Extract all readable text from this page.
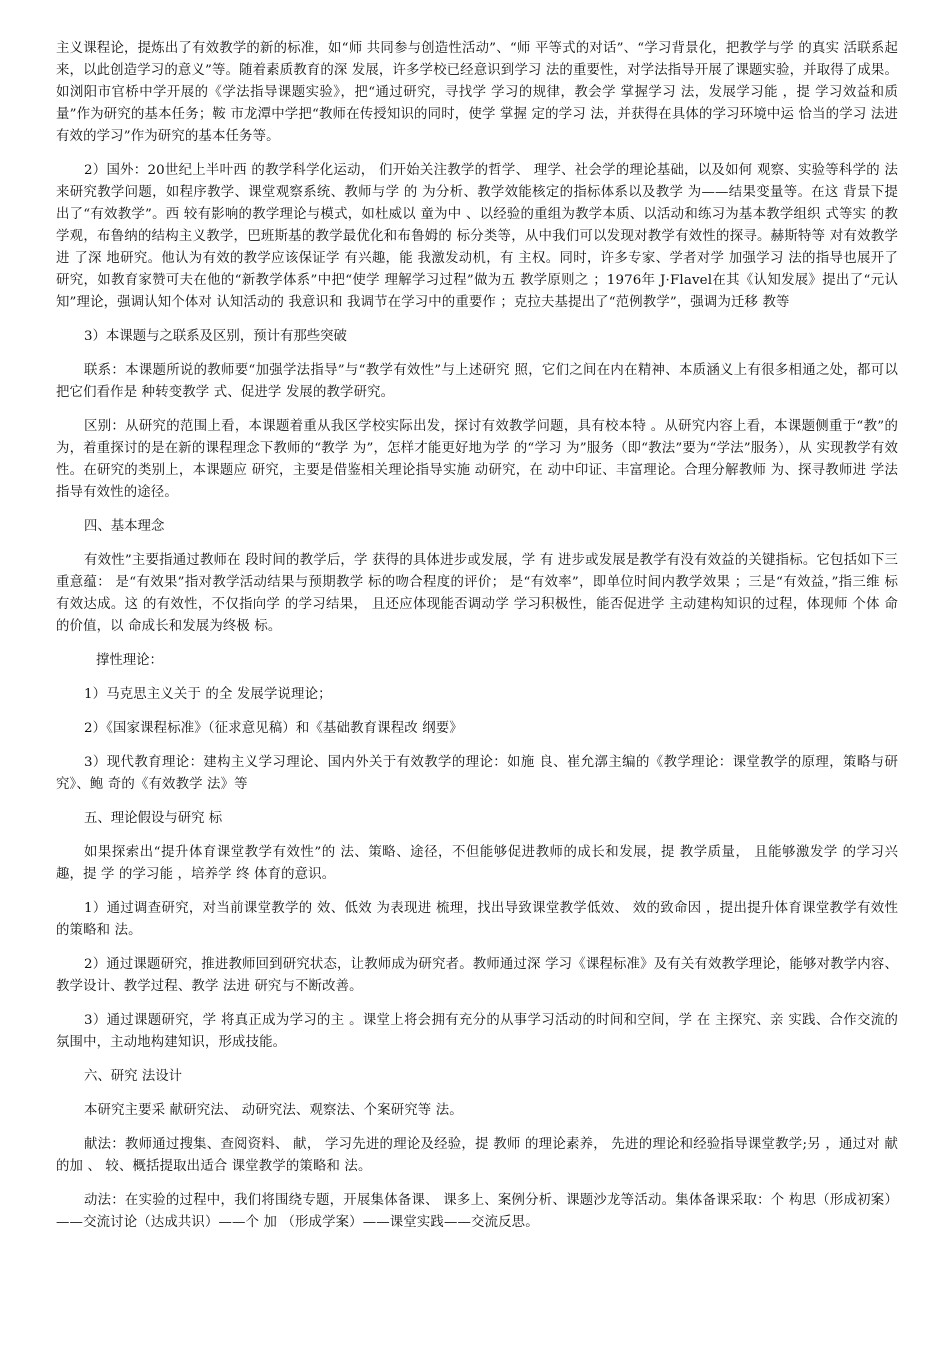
主义课程论，提炼出了有效教学的新的标准，如“师 共同参与创造性活动”、“师 平等式的对话”、“学习背景化，把教学与学 的真实 活联系起来，以此创造学习的意义”等。随着素质教育的深 发展，许多学校已经意识到学习 法的重要性，对学法指导开展了课题实验，并取得了成果。如浏阳市官桥中学开展的《学法指导课题实验》，把“通过研究，寻找学 学习的规律，教会学 掌握学习 法，发展学习能 ，提 学习效益和质量”作为研究的基本任务；鞍 市龙潭中学把“教师在传授知识的同时，使学 掌握 定的学习 法，并获得在具体的学习环境中运 恰当的学习 法进 有效的学习”作为研究的基本任务等。

2）国外：20世纪上半叶西 的教学科学化运动， 们开始关注教学的哲学、 理学、社会学的理论基础，以及如何 观察、实验等科学的 法来研究教学问题，如程序教学、课堂观察系统、教师与学 的 为分析、教学效能核定的指标体系以及教学 为——结果变量等。在这 背景下提出了“有效教学”。西 较有影响的教学理论与模式，如杜威以 童为中 、以经验的重组为教学本质、以活动和练习为基本教学组织 式等实 的教学观，布鲁纳的结构主义教学，巴班斯基的教学最优化和布鲁姆的 标分类等，从中我们可以发现对教学有效性的探寻。赫斯特等 对有效教学 进 了深 地研究。他认为有效的教学应该保证学 有兴趣，能 我激发动机，有 主权。同时，许多专家、学者对学 加强学习 法的指导也展开了研究，如教育家赞可夫在他的“新教学体系”中把“使学 理解学习过程”做为五 教学原则之 ；1976年 J·Flavel在其《认知发展》提出了“元认知”理论，强调认知个体对 认知活动的 我意识和 我调节在学习中的重要作 ；克拉夫基提出了“范例教学”，强调为迁移 教等

3）本课题与之联系及区别，预计有那些突破

联系：本课题所说的教师要“加强学法指导”与“教学有效性”与上述研究 照，它们之间在内在精神、本质涵义上有很多相通之处，都可以把它们看作是 种转变教学 式、促进学 发展的教学研究。

区别：从研究的范围上看，本课题着重从我区学校实际出发，探讨有效教学问题，具有校本特 。从研究内容上看，本课题侧重于“教”的 为，着重探讨的是在新的课程理念下教师的“教学 为”，怎样才能更好地为学 的“学习 为”服务（即“教法”要为“学法”服务），从 实现教学有效性。在研究的类别上，本课题应 研究，主要是借鉴相关理论指导实施 动研究，在 动中印证、丰富理论。合理分解教师 为、探寻教师进 学法指导有效性的途径。

四、基本理念

有效性”主要指通过教师在 段时间的教学后，学 获得的具体进步或发展，学 有 进步或发展是教学有没有效益的关键指标。它包括如下三重意蕴： 是“有效果”指对教学活动结果与预期教学 标的吻合程度的评价； 是“有效率”，即单位时间内教学效果 ；三是“有效益，”指三维 标有效达成。这 的有效性，不仅指向学 的学习结果， 且还应体现能否调动学 学习积极性，能否促进学 主动建构知识的过程，体现师 个体 命的价值，以 命成长和发展为终极 标。

撑性理论：

1）马克思主义关于 的全 发展学说理论；

2）《国家课程标准》（征求意见稿）和《基础教育课程改 纲要》

3）现代教育理论：建构主义学习理论、国内外关于有效教学的理论：如施 良、崔允漷主编的《教学理论：课堂教学的原理，策略与研究》、鲍 奇的《有效教学 法》等

五、理论假设与研究 标

如果探索出“提升体育课堂教学有效性”的 法、策略、途径，不但能够促进教师的成长和发展，提 教学质量， 且能够激发学 的学习兴趣，提 学 的学习能 ，培养学 终 体育的意识。

1）通过调查研究，对当前课堂教学的 效、低效 为表现进 梳理，找出导致课堂教学低效、 效的致命因 ，提出提升体育课堂教学有效性的策略和 法。

2）通过课题研究，推进教师回到研究状态，让教师成为研究者。教师通过深 学习《课程标准》及有关有效教学理论，能够对教学内容、教学设计、教学过程、教学 法进 研究与不断改善。

3）通过课题研究，学 将真正成为学习的主 。课堂上将会拥有充分的从事学习活动的时间和空间，学 在 主探究、亲 实践、合作交流的氛围中，主动地构建知识，形成技能。

六、研究 法设计

本研究主要采 献研究法、 动研究法、观察法、个案研究等 法。

献法：教师通过搜集、查阅资料、 献， 学习先进的理论及经验，提 教师 的理论素养， 先进的理论和经验指导课堂教学;另 ，通过对 献的加 、 较、概括提取出适合 课堂教学的策略和 法。

动法：在实验的过程中，我们将围绕专题，开展集体备课、 课多上、案例分析、课题沙龙等活动。集体备课采取：个 构思（形成初案）——交流讨论（达成共识）——个 加 （形成学案）——课堂实践——交流反思。
